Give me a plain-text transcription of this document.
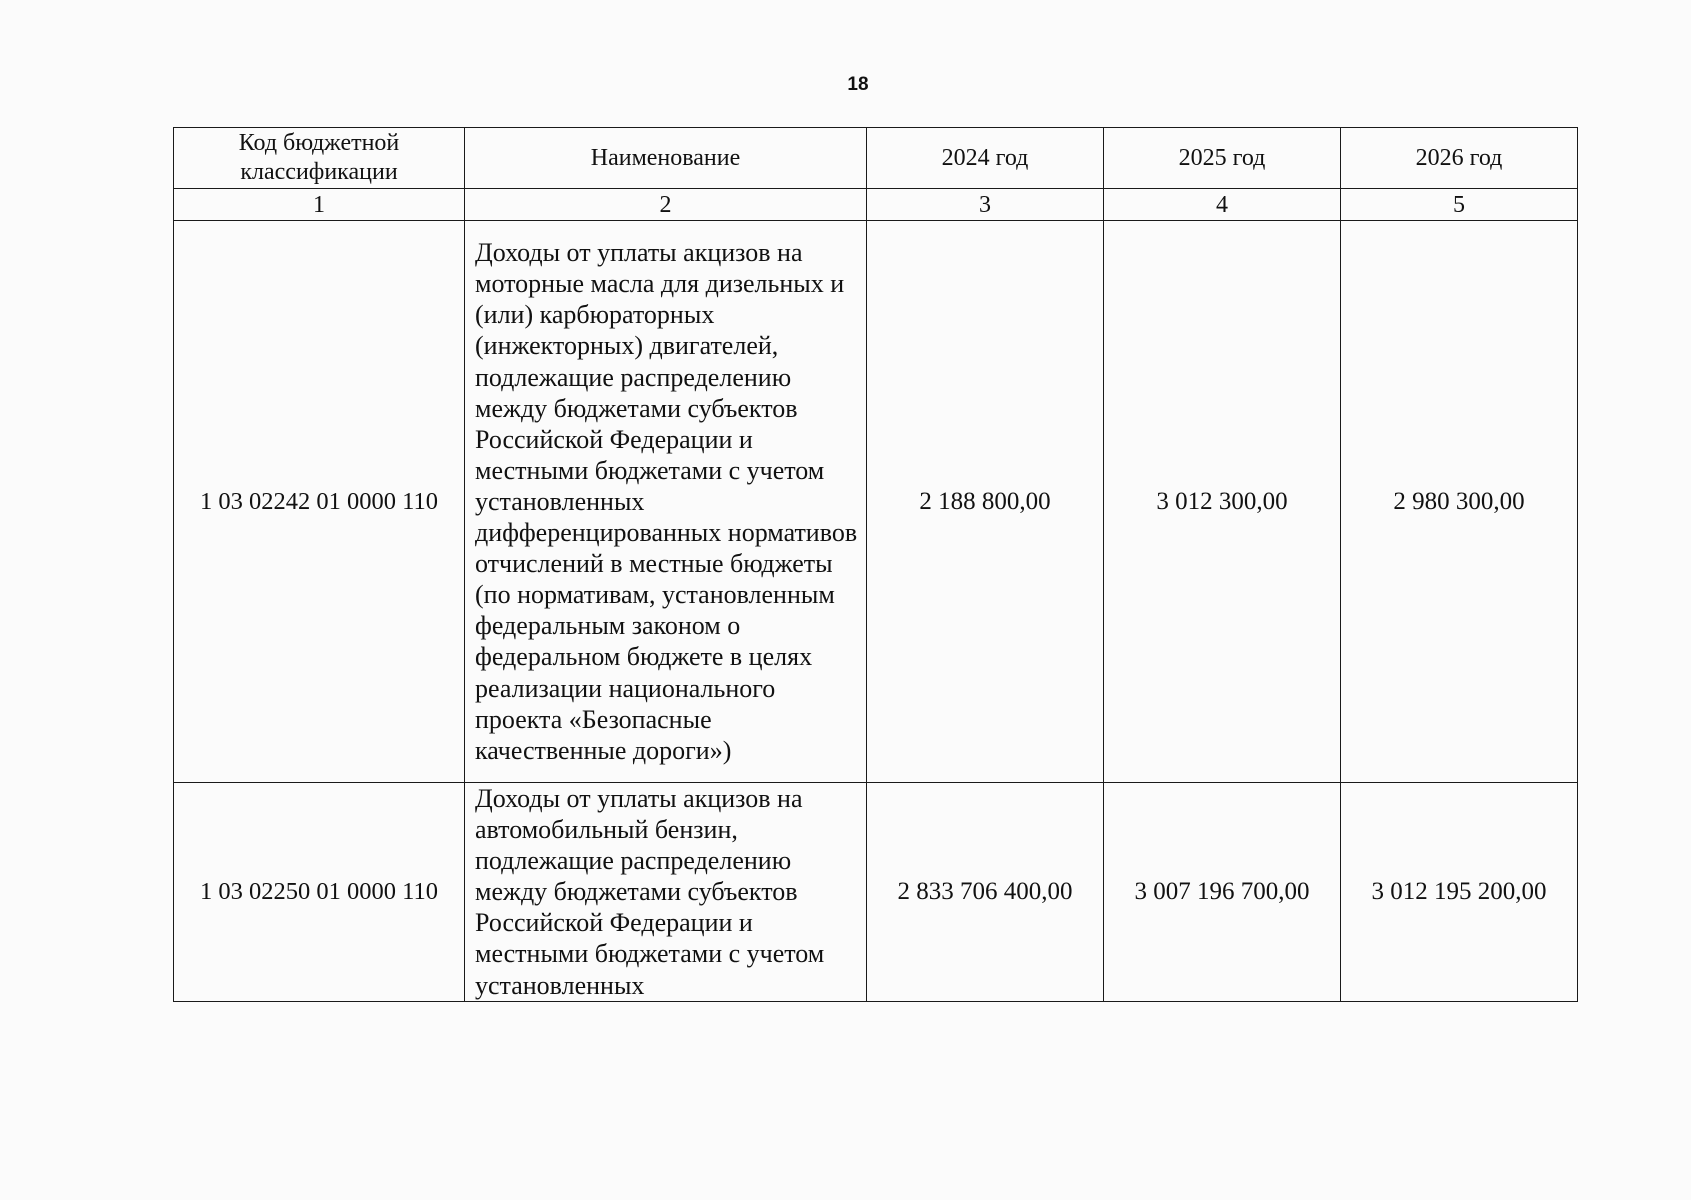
18
Код бюджетной классификации	Наименование	2024 год	2025 год	2026 год
1	2	3	4	5
1 03 02242 01 0000 110	Доходы от уплаты акцизов на моторные масла для дизельных и (или) карбюраторных (инжекторных) двигателей, подлежащие распределению между бюджетами субъектов Российской Федерации и местными бюджетами с учетом установленных дифференцированных нормативов отчислений в местные бюджеты (по нормативам, установленным федеральным законом о федеральном бюджете в целях реализации национального проекта «Безопасные качественные дороги»)	2 188 800,00	3 012 300,00	2 980 300,00
1 03 02250 01 0000 110	Доходы от уплаты акцизов на автомобильный бензин, подлежащие распределению между бюджетами субъектов Российской Федерации и местными бюджетами с учетом установленных	2 833 706 400,00	3 007 196 700,00	3 012 195 200,00
